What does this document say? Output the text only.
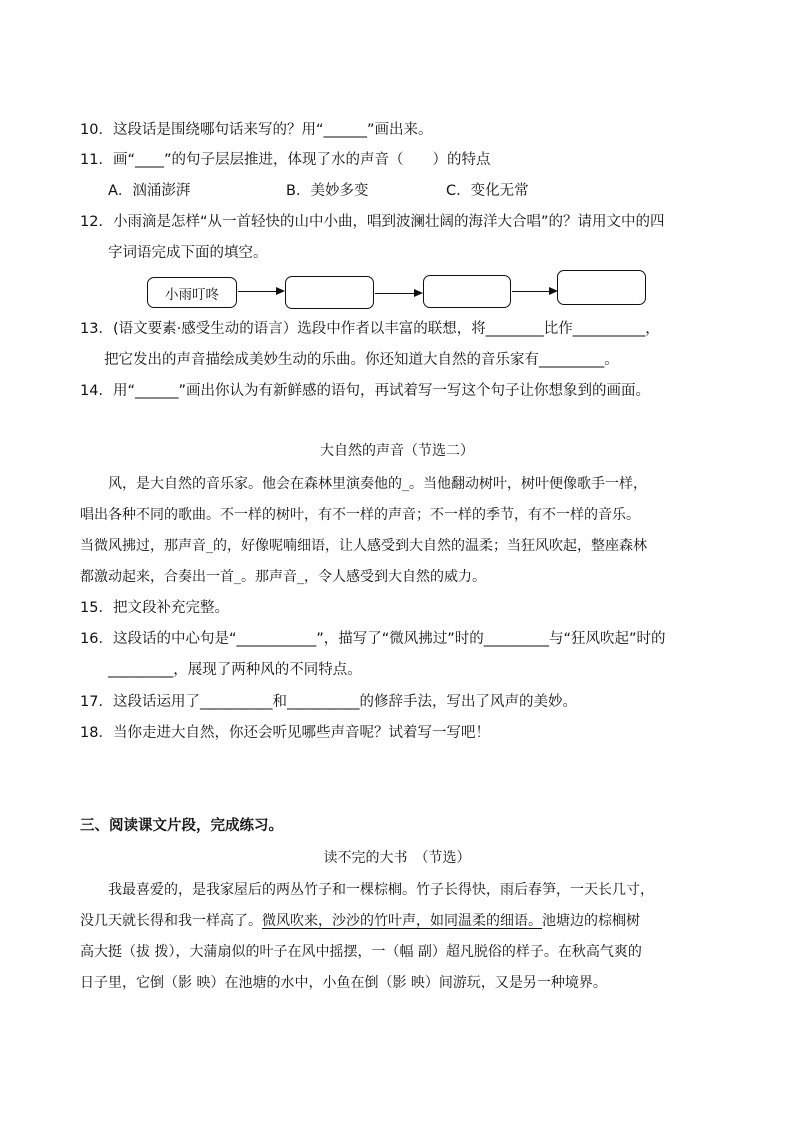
10．这段话是围绕哪句话来写的？用“______”画出来。
11．画“____”的句子层层推进，体现了水的声音（　　）的特点
A．汹涌澎湃	B．美妙多变	C．变化无常
12．小雨滴是怎样“从一首轻快的山中小曲，唱到波澜壮阔的海洋大合唱”的？请用文中的四
字词语完成下面的填空。
小雨叮咚
13．(语文要素·感受生动的语言）选段中作者以丰富的联想，将________比作__________，
把它发出的声音描绘成美妙生动的乐曲。你还知道大自然的音乐家有_________。
14．用“______”画出你认为有新鲜感的语句，再试着写一写这个句子让你想象到的画面。
大自然的声音（节选二）
风，是大自然的音乐家。他会在森林里演奏他的_。当他翻动树叶，树叶便像歌手一样，
唱出各种不同的歌曲。不一样的树叶，有不一样的声音；不一样的季节，有不一样的音乐。
当微风拂过，那声音_的，好像呢喃细语，让人感受到大自然的温柔；当狂风吹起，整座森林
都激动起来，合奏出一首_。那声音_，令人感受到大自然的威力。
15．把文段补充完整。
16．这段话的中心句是“___________”，描写了“微风拂过”时的_________与“狂风吹起”时的
_________，展现了两种风的不同特点。
17．这段话运用了__________和__________的修辞手法，写出了风声的美妙。
18．当你走进大自然，你还会听见哪些声音呢？试着写一写吧！
三、阅读课文片段，完成练习。
读不完的大书　（节选）
我最喜爱的，是我家屋后的两丛竹子和一棵棕榈。竹子长得快，雨后春笋，一天长几寸，
没几天就长得和我一样高了。微风吹来，沙沙的竹叶声，如同温柔的细语。池塘边的棕榈树
高大挺（拔 拨），大蒲扇似的叶子在风中摇摆，一（幅 副）超凡脱俗的样子。在秋高气爽的
日子里，它倒（影 映）在池塘的水中，小鱼在倒（影 映）间游玩，又是另一种境界。
